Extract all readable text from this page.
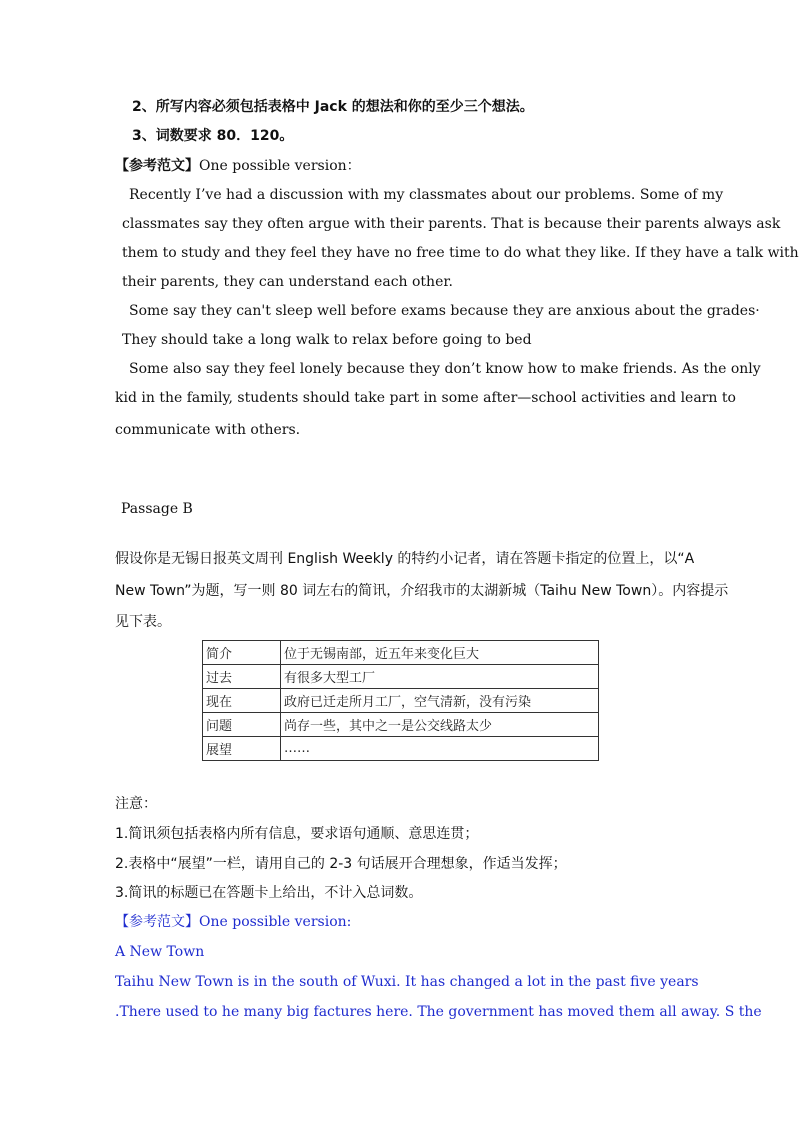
2、所写内容必须包括表格中 Jack 的想法和你的至少三个想法。
3、词数要求 80．120。
【参考范文】One possible version：
Recently I’ve had a discussion with my classmates about our problems. Some of my
classmates say they often argue with their parents. That is because their parents always ask
them to study and they feel they have no free time to do what they like. If they have a talk with
their parents, they can understand each other.
Some say they can't sleep well before exams because they are anxious about the grades·
They should take a long walk to relax before going to bed
Some also say they feel lonely because they don’t know how to make friends. As the only
kid in the family, students should take part in some after—school activities and learn to
communicate with others.
Passage B
假设你是无锡日报英文周刊 English Weekly 的特约小记者，请在答题卡指定的位置上，以“A
New Town”为题，写一则 80 词左右的简讯，介绍我市的太湖新城（Taihu New Town）。内容提示
见下表。
简介	位于无锡南部，近五年来变化巨大
过去	有很多大型工厂
现在	政府已迁走所月工厂，空气清新，没有污染
问题	尚存一些，其中之一是公交线路太少
展望	……
注意：
1.简讯须包括表格内所有信息，要求语句通顺、意思连贯；
2.表格中“展望”一栏，请用自己的 2-3 句话展开合理想象，作适当发挥；
3.简讯的标题已在答题卡上给出，不计入总词数。
【参考范文】One possible version:
A New Town
Taihu New Town is in the south of Wuxi. It has changed a lot in the past five years
.There used to he many big factures here. The government has moved them all away. S the
